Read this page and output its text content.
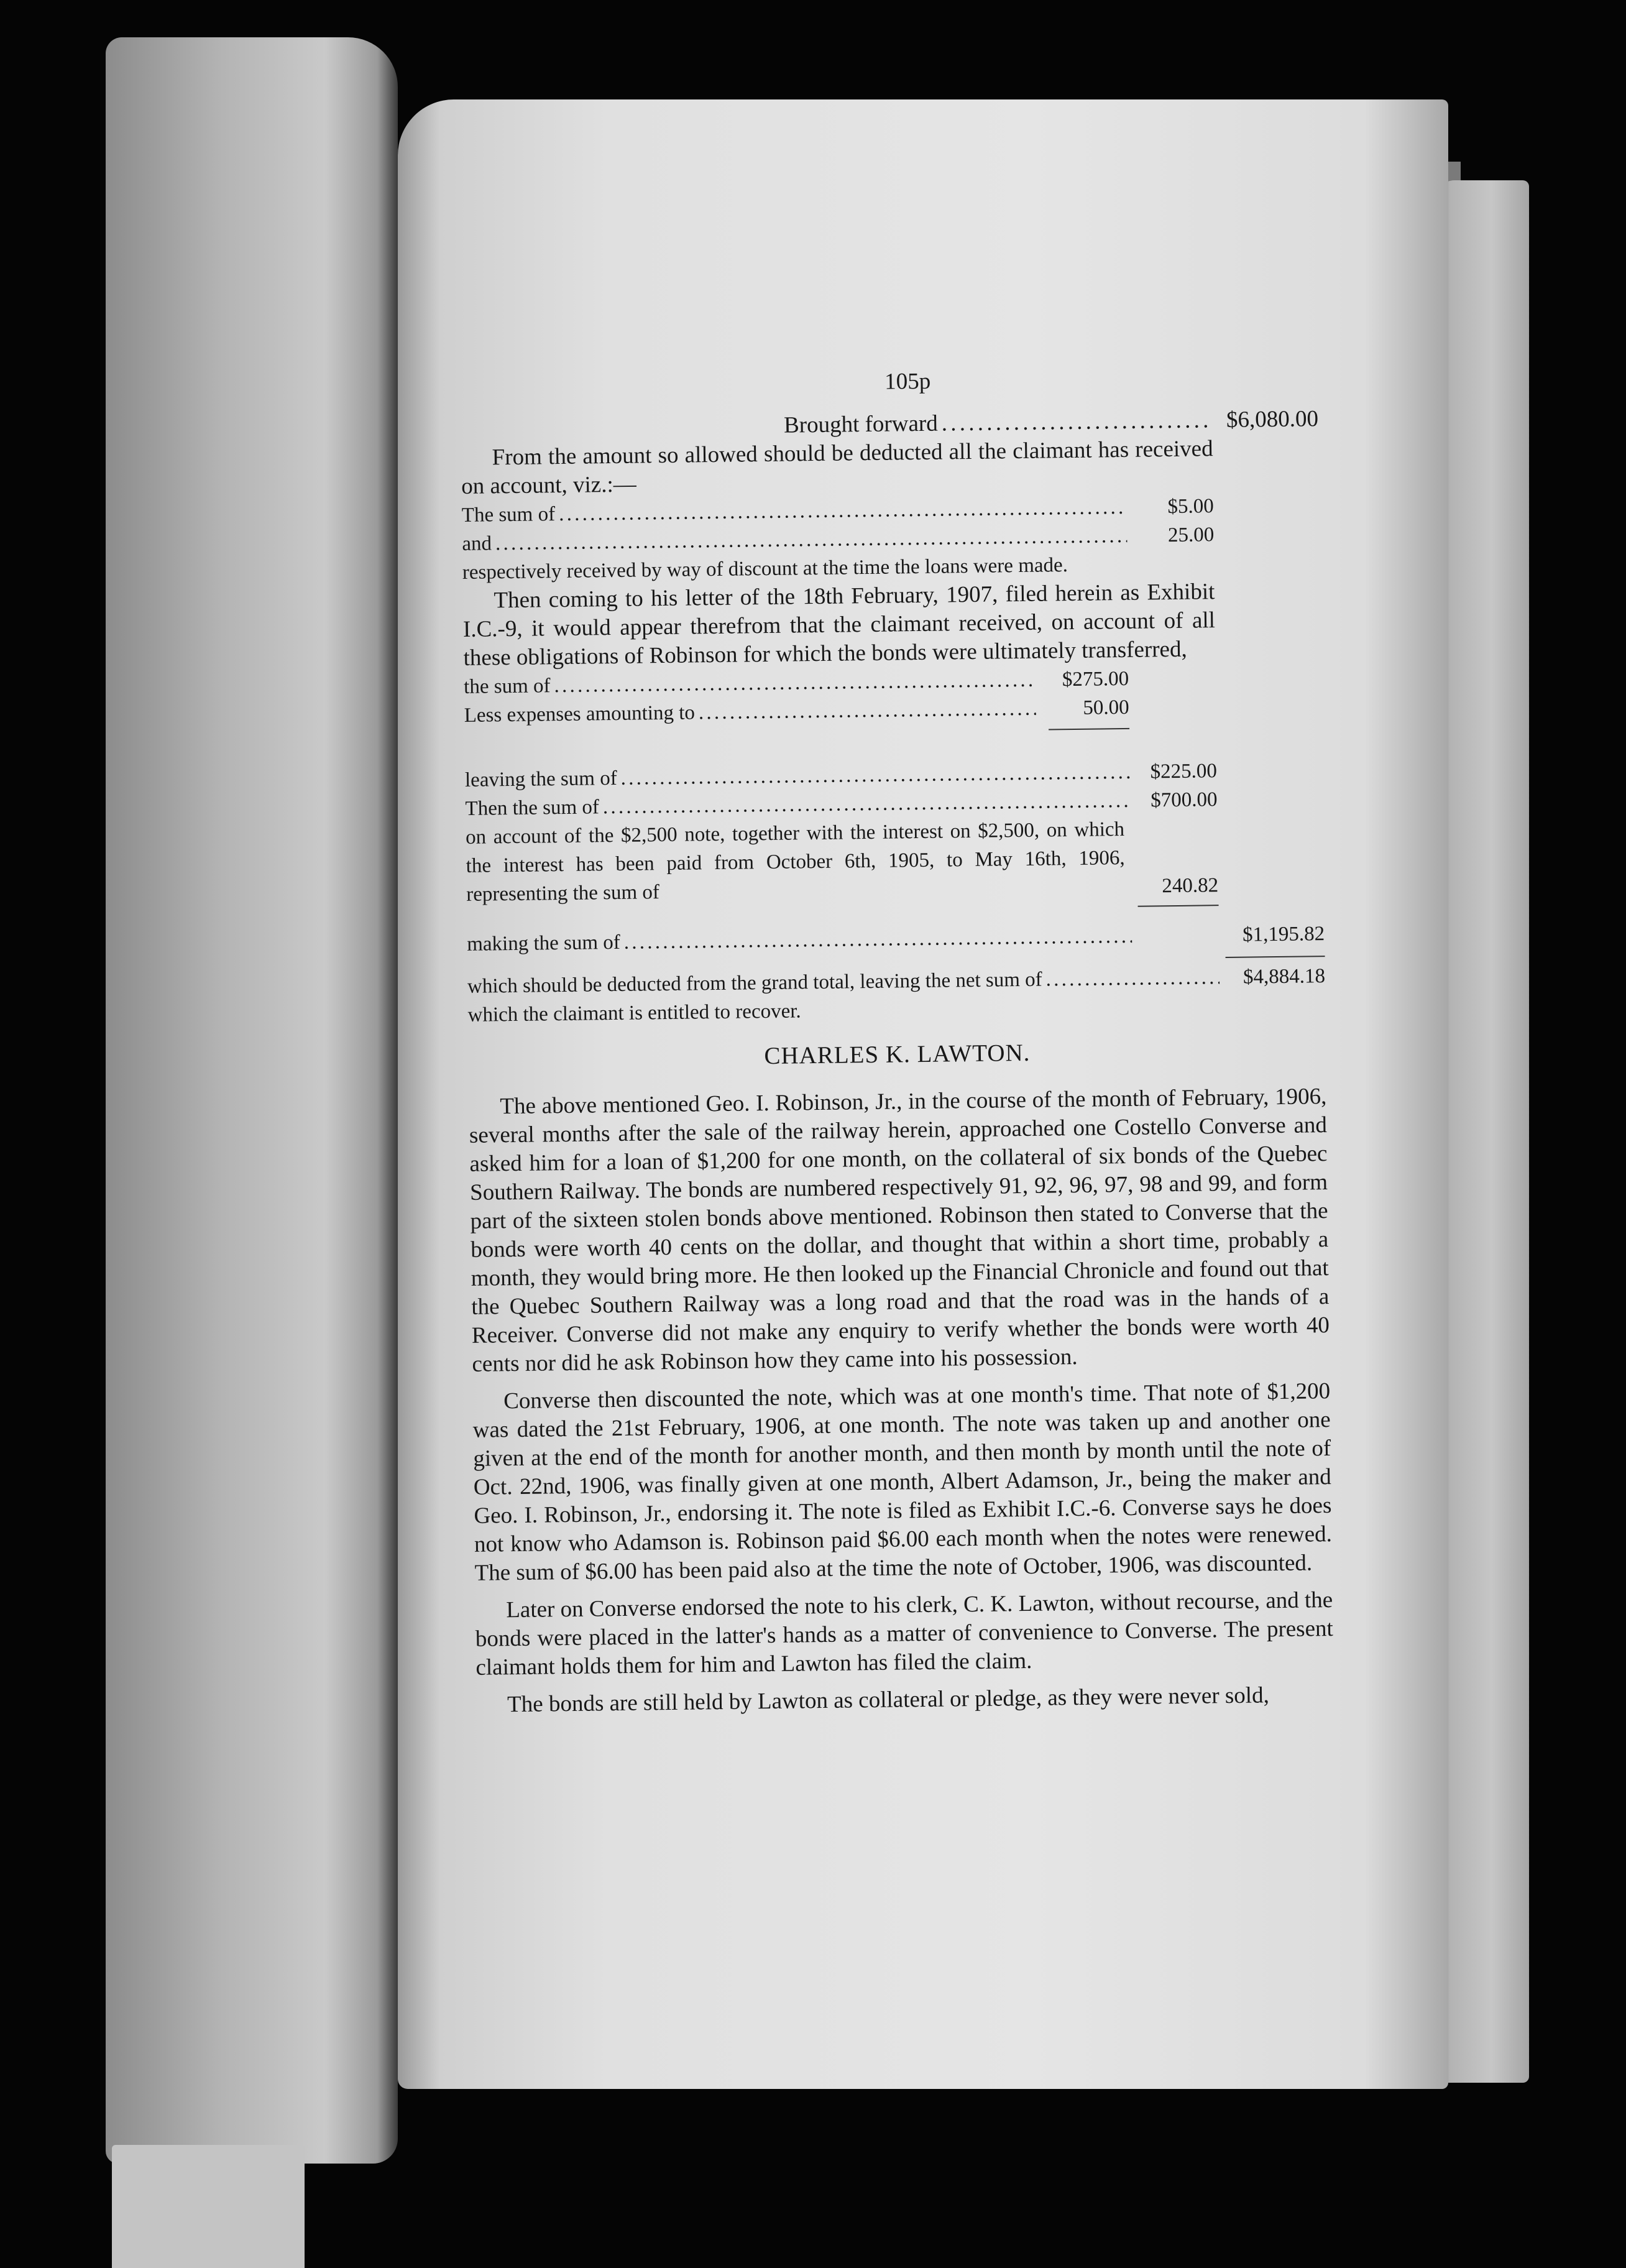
105p
Brought forward . . .	$6,080.00

From the amount so allowed should be deducted all the claimant has received on account, viz.:—

The sum of . . .	$5.00
and . . .	25.00

respectively received by way of discount at the time the loans were made.

Then coming to his letter of the 18th February, 1907, filed herein as Exhibit I.C.-9, it would appear therefrom that the claimant received, on account of all these obligations of Robinson for which the bonds were ultimately transferred,

the sum of . . .	$275.00
Less expenses amounting to . . .	50.00
leaving the sum of . . .	$225.00
Then the sum of . . .	$700.00

on account of the $2,500 note, together with the interest on $2,500, on which the interest has been paid from October 6th, 1905, to May 16th, 1906, representing the sum of	240.82
making the sum of . . .	$1,195.82
which should be deducted from the grand total, leaving the net sum of . . .	$4,884.18

which the claimant is entitled to recover.

CHARLES K. LAWTON.

The above mentioned Geo. I. Robinson, Jr., in the course of the month of February, 1906, several months after the sale of the railway herein, approached one Costello Converse and asked him for a loan of $1,200 for one month, on the collateral of six bonds of the Quebec Southern Railway. The bonds are numbered respectively 91, 92, 96, 97, 98 and 99, and form part of the sixteen stolen bonds above mentioned. Robinson then stated to Converse that the bonds were worth 40 cents on the dollar, and thought that within a short time, probably a month, they would bring more. He then looked up the Financial Chronicle and found out that the Quebec Southern Railway was a long road and that the road was in the hands of a Receiver. Converse did not make any enquiry to verify whether the bonds were worth 40 cents nor did he ask Robinson how they came into his possession.

Converse then discounted the note, which was at one month's time. That note of $1,200 was dated the 21st February, 1906, at one month. The note was taken up and another one given at the end of the month for another month, and then month by month until the note of Oct. 22nd, 1906, was finally given at one month, Albert Adamson, Jr., being the maker and Geo. I. Robinson, Jr., endorsing it. The note is filed as Exhibit I.C.-6. Converse says he does not know who Adamson is. Robinson paid $6.00 each month when the notes were renewed. The sum of $6.00 has been paid also at the time the note of October, 1906, was discounted.

Later on Converse endorsed the note to his clerk, C. K. Lawton, without recourse, and the bonds were placed in the latter's hands as a matter of convenience to Converse. The present claimant holds them for him and Lawton has filed the claim.

The bonds are still held by Lawton as collateral or pledge, as they were never sold,
